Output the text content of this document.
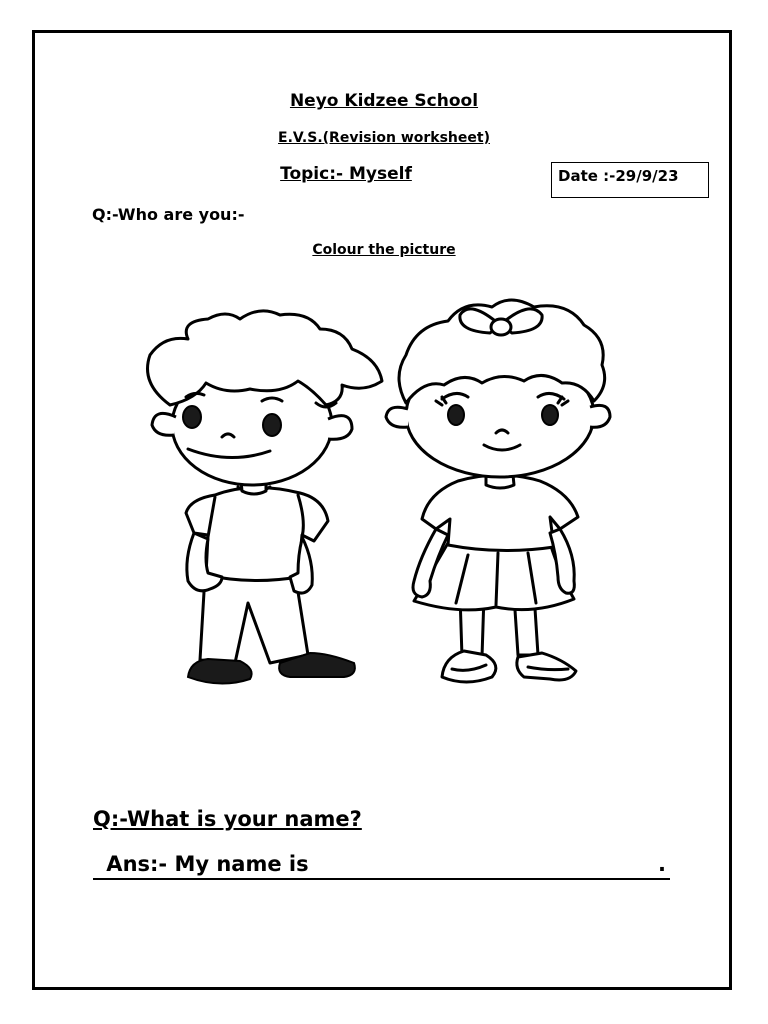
Neyo Kidzee School
E.V.S.(Revision worksheet)
Topic:- Myself	Date :-29/9/23
Q:-Who are you:-
Colour the picture
Q:-What is your name?
Ans:- My name is	.
